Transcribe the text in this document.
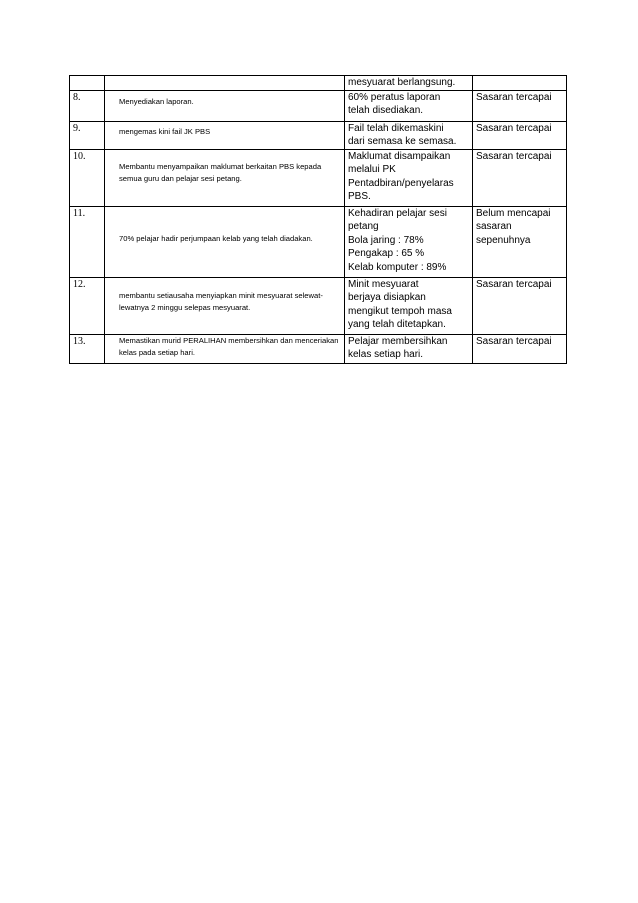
		mesyuarat berlangsung.	
8.	Menyediakan laporan.	60% peratus laporan
telah disediakan.	Sasaran tercapai
9.	mengemas kini fail JK PBS	Fail telah dikemaskini
dari semasa ke semasa.	Sasaran tercapai
10.	Membantu menyampaikan maklumat berkaitan PBS kepada semua guru dan pelajar sesi petang.	Maklumat disampaikan
melalui PK
Pentadbiran/penyelaras
PBS.	Sasaran tercapai
11.	70% pelajar hadir perjumpaan kelab yang telah diadakan.	Kehadiran pelajar sesi
petang
Bola jaring : 78%
Pengakap : 65 %
Kelab komputer : 89%	Belum mencapai
sasaran sepenuhnya
12.	membantu setiausaha menyiapkan minit mesyuarat selewat-lewatnya 2 minggu selepas mesyuarat.	Minit mesyuarat
berjaya disiapkan
mengikut tempoh masa
yang telah ditetapkan.	Sasaran tercapai
13.	Memastikan murid PERALIHAN membersihkan dan menceriakan kelas pada setiap hari.	Pelajar membersihkan
kelas setiap hari.	Sasaran tercapai
